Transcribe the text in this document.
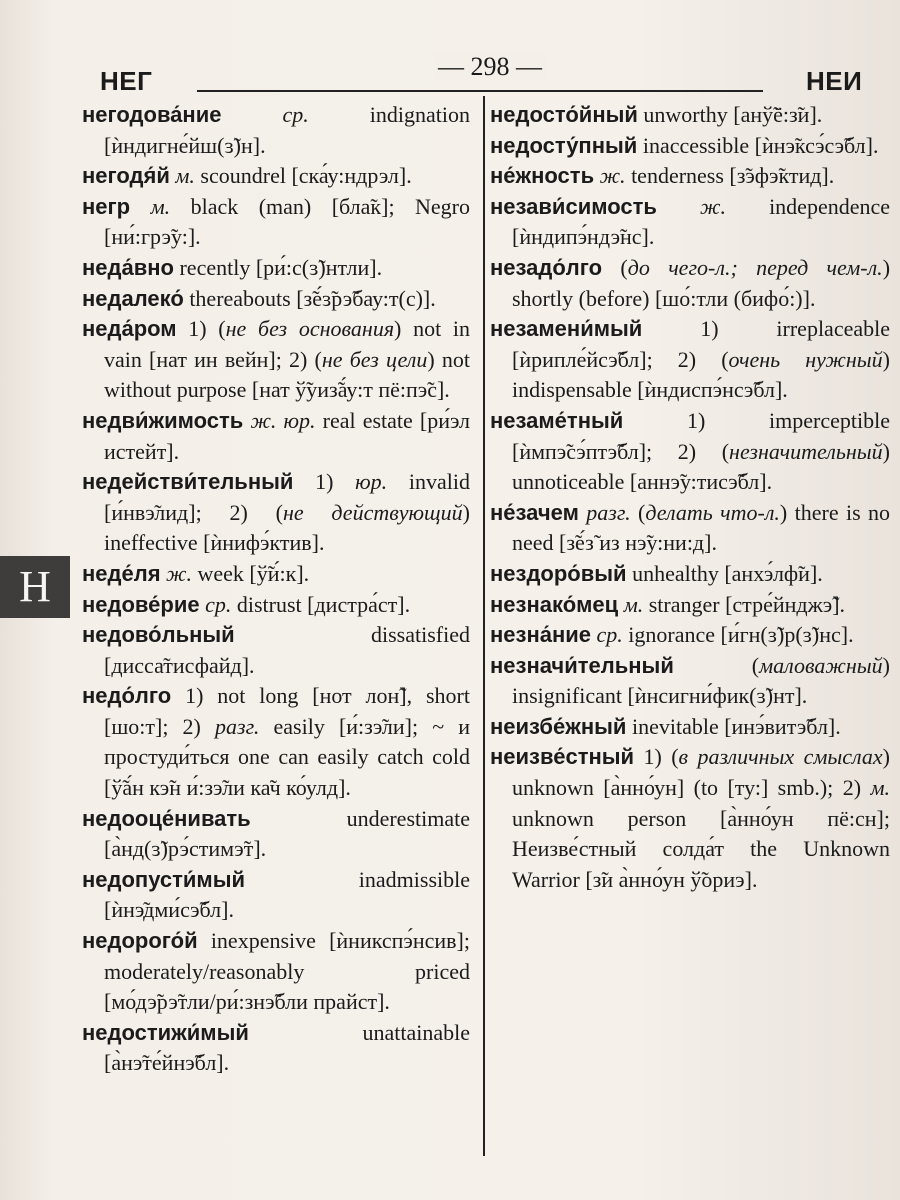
НЕГ	— 298 —	НЕИ

негодова́ние	ср. indignation [ѝндигне́йш(ɜ̃)н].

негодя́й м. scoundrel [ска́у:ндрэл].

негр м. black (man) [бла̃к]; Negro [ни́:грэ̃у:].

неда́вно recently [ри́:с(ɜ̃)нтли].

недалеко́ thereabouts [з̃е́ɜ̃рэ̃бау:т(с)].

неда́ром 1) (не без основания) not in vain [нат ин вейн]; 2) (не без цели) not without purpose [нат ў̃уиз̃а́у:т пё:пэ̃с].

недви́жимость ж. юр. real estate [ри́эл истейт].

недействи́тельный 1) юр. invalid [и́нвэ̃лид]; 2) (не действующий) ineffective [ѝнифэ́ктив].

неде́ля ж. week [ў̃и́:к].

недове́рие ср. distrust [дистра́ст].

недово́льный dissatisfied [дисса̃тисфайд].

недо́лго 1) not long [нот лон̃], short [шо:т]; 2) разг. easily [и́:зэ̃ли]; ~ и простуди́ться one can easily catch cold [ў̃а́н кэ̃н и́:зэ̃ли ка̃ч ко́улд].

недооце́нивать underestimate [а̀нд(ɜ̃)рэ́стимэ̃т].

недопусти́мый inadmissible [ѝнэ̃дми́сэ̃бл].

недорого́й inexpensive [ѝникспэ́нсив]; moderately/reasonably priced [мо́дэ̃рэ̃тли/ри́:знэ̃бли прайст].

недостижи́мый unattainable [а̀нэ̃те́йнэ̃бл].

недосто́йный unworthy [анў̃ё:з̃и].

недосту́пный inaccessible [ѝнэ̃ксэ́сэ̃бл].

не́жность ж. tenderness [з̃эфэ̃ктид].

незави́симость ж. independence [ѝндипэ́ндэ̃нс].

незадо́лго (до чего-л.; перед чем-л.) shortly (before) [шо́:тли (бифо́:)].

незамени́мый 1) irreplaceable [ѝрипле́йсэ̃бл]; 2) (очень нужный) indispensable [ѝндиспэ́нсэ̃бл].

незаме́тный 1) imperceptible [ѝмпэ̃сэ́птэ̃бл]; 2) (незначительный) unnoticeable [аннэ̃у:тисэ̃бл].

не́зачем разг. (делать что-л.) there is no need [з̃е́з̃ из нэ̃у:ни:д].

нездоро́вый unhealthy [анхэ́лф̃и].

незнако́мец м. stranger [стре́йнджэ̃].

незна́ние ср. ignorance [и́гн(ɜ̃)р(ɜ̃)нс].

незначи́тельный (маловажный) insignificant [ѝнсигни́фик(ɜ̃)нт].

неизбе́жный inevitable [инэ́витэ̃бл].

неизве́стный 1) (в различных смыслах) unknown [а̀нно́ун] (to [ту:] smb.); 2) м. unknown person [а̀нно́ун пё:сн]; Неизве́стный солда́т the Unknown Warrior [з̃и а̀нно́ун ў̃ориэ].

Н
